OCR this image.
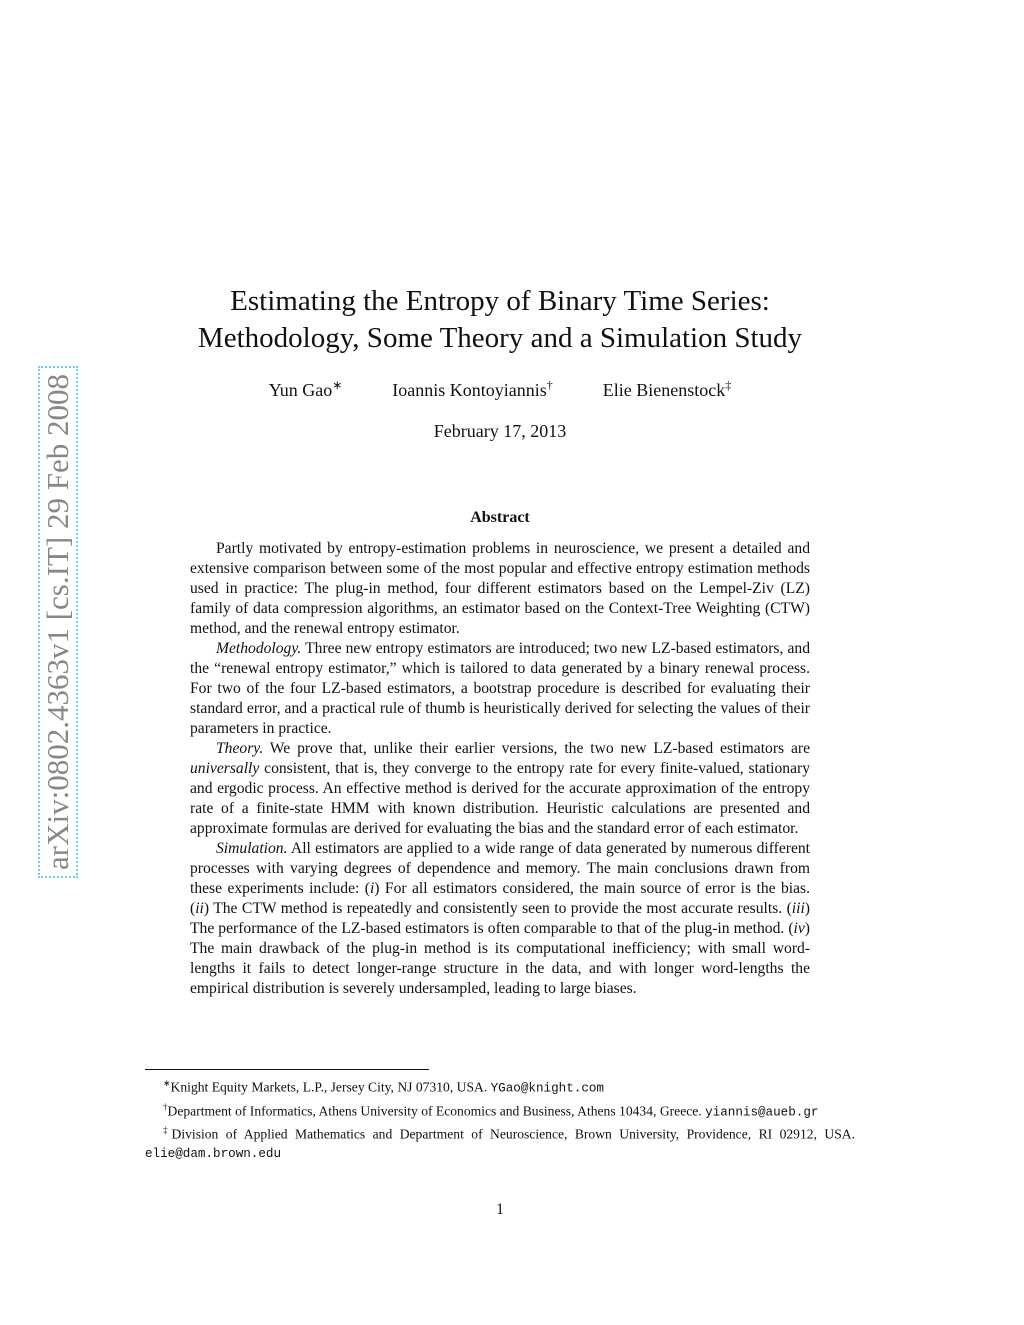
arXiv:0802.4363v1 [cs.IT] 29 Feb 2008
Estimating the Entropy of Binary Time Series:
Methodology, Some Theory and a Simulation Study
Yun Gao∗	Ioannis Kontoyiannis†	Elie Bienenstock‡
February 17, 2013
Abstract

Partly motivated by entropy-estimation problems in neuroscience, we present a detailed and extensive comparison between some of the most popular and effective entropy estimation methods used in practice: The plug-in method, four different estimators based on the Lempel-Ziv (LZ) family of data compression algorithms, an estimator based on the Context-Tree Weighting (CTW) method, and the renewal entropy estimator.

Methodology. Three new entropy estimators are introduced; two new LZ-based estimators, and the “renewal entropy estimator,” which is tailored to data generated by a binary renewal process. For two of the four LZ-based estimators, a bootstrap procedure is described for evaluating their standard error, and a practical rule of thumb is heuristically derived for selecting the values of their parameters in practice.

Theory. We prove that, unlike their earlier versions, the two new LZ-based estimators are universally consistent, that is, they converge to the entropy rate for every finite-valued, stationary and ergodic process. An effective method is derived for the accurate approximation of the entropy rate of a finite-state HMM with known distribution. Heuristic calculations are presented and approximate formulas are derived for evaluating the bias and the standard error of each estimator.

Simulation. All estimators are applied to a wide range of data generated by numerous different processes with varying degrees of dependence and memory. The main conclusions drawn from these experiments include: (i) For all estimators considered, the main source of error is the bias. (ii) The CTW method is repeatedly and consistently seen to provide the most accurate results. (iii) The performance of the LZ-based estimators is often comparable to that of the plug-in method. (iv) The main drawback of the plug-in method is its computational inefficiency; with small word-lengths it fails to detect longer-range structure in the data, and with longer word-lengths the empirical distribution is severely undersampled, leading to large biases.

∗Knight Equity Markets, L.P., Jersey City, NJ 07310, USA. YGao@knight.com

†Department of Informatics, Athens University of Economics and Business, Athens 10434, Greece. yiannis@aueb.gr

‡Division of Applied Mathematics and Department of Neuroscience, Brown University, Providence, RI 02912, USA. elie@dam.brown.edu

1
